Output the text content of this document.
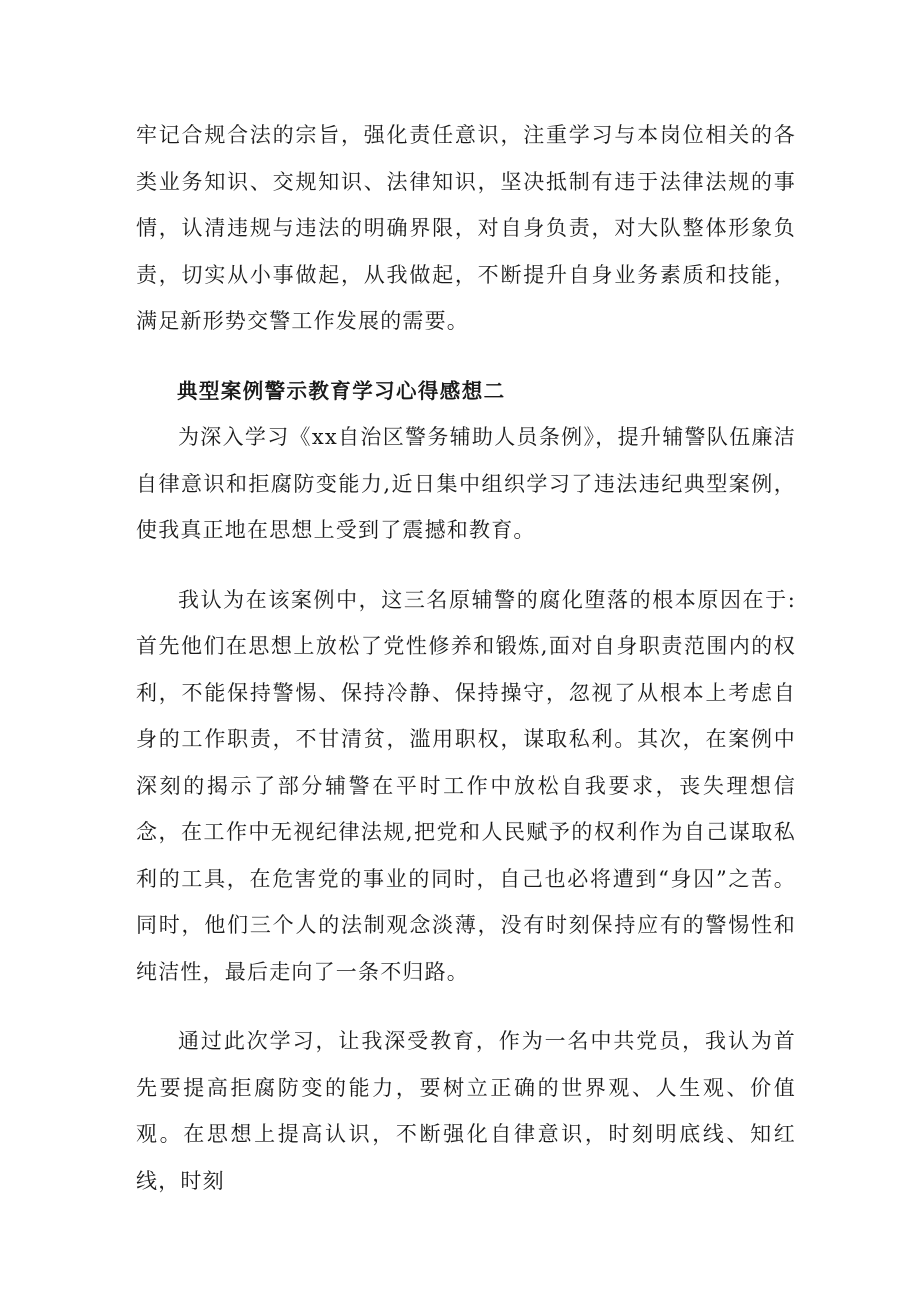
牢记合规合法的宗旨，强化责任意识，注重学习与本岗位相关的各类业务知识、交规知识、法律知识，坚决抵制有违于法律法规的事情，认清违规与违法的明确界限，对自身负责，对大队整体形象负责，切实从小事做起，从我做起，不断提升自身业务素质和技能，满足新形势交警工作发展的需要。

典型案例警示教育学习心得感想二

为深入学习《xx自治区警务辅助人员条例》，提升辅警队伍廉洁自律意识和拒腐防变能力,近日集中组织学习了违法违纪典型案例，使我真正地在思想上受到了震撼和教育。

我认为在该案例中，这三名原辅警的腐化堕落的根本原因在于:首先他们在思想上放松了党性修养和锻炼,面对自身职责范围内的权利，不能保持警惕、保持冷静、保持操守，忽视了从根本上考虑自身的工作职责，不甘清贫，滥用职权，谋取私利。其次，在案例中深刻的揭示了部分辅警在平时工作中放松自我要求，丧失理想信念，在工作中无视纪律法规,把党和人民赋予的权利作为自己谋取私利的工具，在危害党的事业的同时，自己也必将遭到“身囚”之苦。同时，他们三个人的法制观念淡薄，没有时刻保持应有的警惕性和纯洁性，最后走向了一条不归路。

通过此次学习，让我深受教育，作为一名中共党员，我认为首先要提高拒腐防变的能力，要树立正确的世界观、人生观、价值观。在思想上提高认识，不断强化自律意识，时刻明底线、知红线，时刻
